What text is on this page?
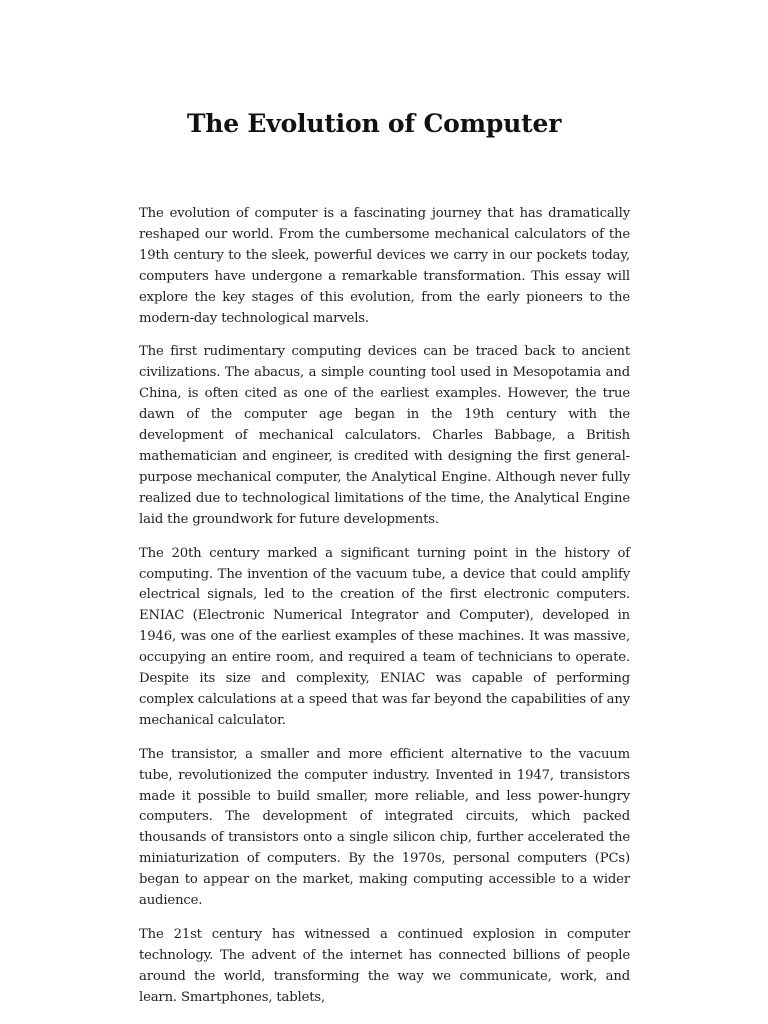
The Evolution of Computer

The evolution of computer is a fascinating journey that has dramatically reshaped our world. From the cumbersome mechanical calculators of the 19th century to the sleek, powerful devices we carry in our pockets today, computers have undergone a remarkable transformation. This essay will explore the key stages of this evolution, from the early pioneers to the modern-day technological marvels.

The first rudimentary computing devices can be traced back to ancient civilizations. The abacus, a simple counting tool used in Mesopotamia and China, is often cited as one of the earliest examples. However, the true dawn of the computer age began in the 19th century with the development of mechanical calculators. Charles Babbage, a British mathematician and engineer, is credited with designing the first general-purpose mechanical computer, the Analytical Engine. Although never fully realized due to technological limitations of the time, the Analytical Engine laid the groundwork for future developments.

The 20th century marked a significant turning point in the history of computing. The invention of the vacuum tube, a device that could amplify electrical signals, led to the creation of the first electronic computers. ENIAC (Electronic Numerical Integrator and Computer), developed in 1946, was one of the earliest examples of these machines. It was massive, occupying an entire room, and required a team of technicians to operate. Despite its size and complexity, ENIAC was capable of performing complex calculations at a speed that was far beyond the capabilities of any mechanical calculator.

The transistor, a smaller and more efficient alternative to the vacuum tube, revolutionized the computer industry. Invented in 1947, transistors made it possible to build smaller, more reliable, and less power-hungry computers. The development of integrated circuits, which packed thousands of transistors onto a single silicon chip, further accelerated the miniaturization of computers. By the 1970s, personal computers (PCs) began to appear on the market, making computing accessible to a wider audience.

The 21st century has witnessed a continued explosion in computer technology. The advent of the internet has connected billions of people around the world, transforming the way we communicate, work, and learn. Smartphones, tablets,
